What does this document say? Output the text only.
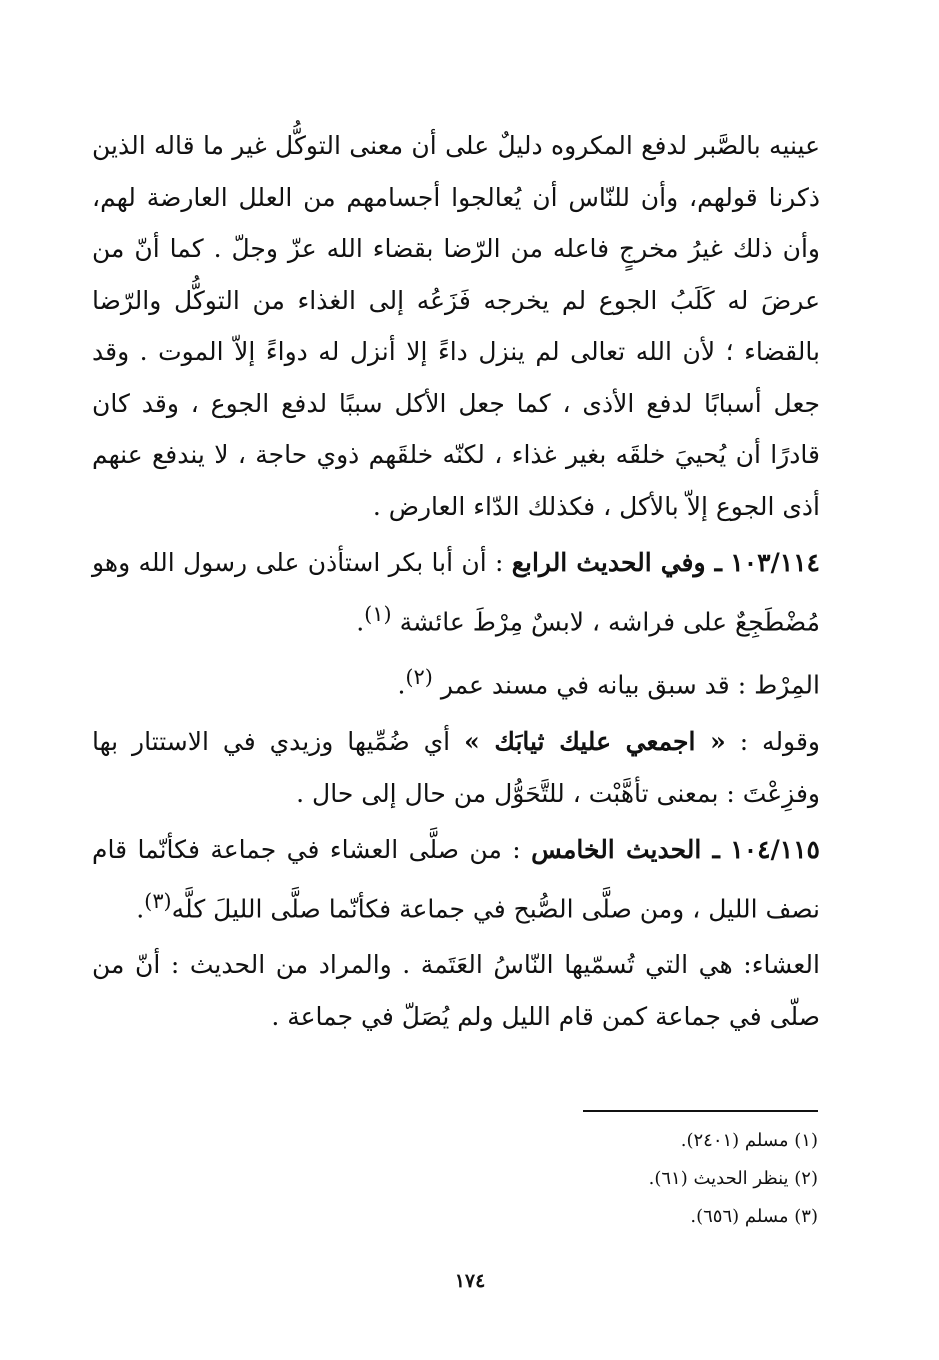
عينيه بالصَّبر لدفع المكروه دليلٌ على أن معنى التوكُّل غير ما قاله الذين ذكرنا قولهم، وأن للنّاس أن يُعالجوا أجسامهم من العلل العارضة لهم، وأن ذلك غيرُ مخرجٍ فاعله من الرّضا بقضاء الله عزّ وجلّ . كما أنّ من عرضَ له كَلَبُ الجوع لم يخرجه فَزَعُه إلى الغذاء من التوكُّل والرّضا بالقضاء ؛ لأن الله تعالى لم ينزل داءً إلا أنزل له دواءً إلاّ الموت . وقد جعل أسبابًا لدفع الأذى ، كما جعل الأكل سببًا لدفع الجوع ، وقد كان قادرًا أن يُحييَ خلقَه بغير غذاء ، لكنّه خلقَهم ذوي حاجة ، لا يندفع عنهم أذى الجوع إلاّ بالأكل ، فكذلك الدّاء العارض .

١٠٣/١١٤ ـ وفي الحديث الرابع : أن أبا بكر استأذن على رسول الله وهو مُضْطَجِعٌ على فراشه ، لابسٌ مِرْطَ عائشة $^{(١)}$.

المِرْط : قد سبق بيانه في مسند عمر $^{(٢)}$.

وقوله : « اجمعي عليك ثيابَك » أي ضُمِّيها وزيدي في الاستتار بها وفزِعْتَ : بمعنى تأهَّبْت ، للتَّحَوُّل من حال إلى حال .

١٠٤/١١٥ ـ الحديث الخامس : من صلَّى العشاء في جماعة فكأنّما قام نصف الليل ، ومن صلَّى الصُّبح في جماعة فكأنّما صلَّى الليلَ كلَّه$^{(٣)}$.

العشاء: هي التي تُسمّيها النّاسُ العَتَمة . والمراد من الحديث : أنّ من صلّى في جماعة كمن قام الليل ولم يُصَلّ في جماعة .

(١) مسلم (٢٤٠١).

(٢) ينظر الحديث (٦١).

(٣) مسلم (٦٥٦).

١٧٤
